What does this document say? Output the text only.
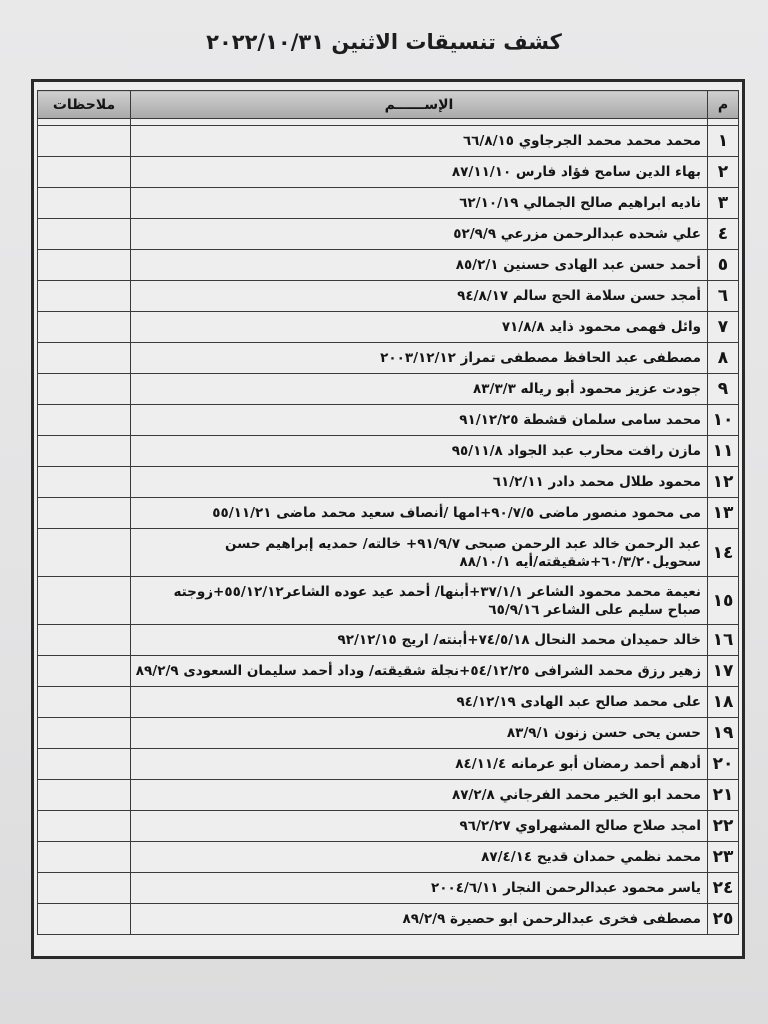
كشف تنسيقات الاثنين ٢٠٢٢/١٠/٣١
م	الإســــــم	ملاحظات

١	محمد محمد محمد الجرجاوي ٦٦/٨/١٥	

٢	بهاء الدين سامح فؤاد فارس ٨٧/١١/١٠	

٣	ناديه ابراهيم صالح الجمالي ٦٢/١٠/١٩	

٤	علي شحده عبدالرحمن مزرعي ٥٢/٩/٩	

٥	أحمد حسن عبد الهادى حسنين ٨٥/٢/١	

٦	أمجد حسن سلامة الحج سالم ٩٤/٨/١٧	

٧	وائل فهمى محمود ذايد ٧١/٨/٨	

٨	مصطفى عبد الحافظ مصطفى تمراز ٢٠٠٣/١٢/١٢	

٩	جودت عزيز محمود أبو رياله ٨٣/٣/٣	

١٠	محمد سامى سلمان قشطة ٩١/١٢/٢٥	

١١	مازن رافت محارب عبد الجواد ٩٥/١١/٨	

١٢	محمود طلال محمد دادر ٦١/٢/١١	

١٣	مى محمود منصور ماضى ٩٠/٧/٥+امها /أنصاف سعيد محمد ماضى ٥٥/١١/٢١	

١٤	عبد الرحمن خالد عبد الرحمن صبحى ٩١/٩/٧+ خالته/ حمديه إبراهيم حسن
سحويل٦٠/٣/٢٠+شقيقته/أيه ٨٨/١٠/١	

١٥	نعيمة محمد محمود الشاعر ٣٧/١/١+أبنها/ أحمد عيد عوده الشاعر٥٥/١٢/١٢+زوجته
صباح سليم على الشاعر ٦٥/٩/١٦	

١٦	خالد حميدان محمد النحال ٧٤/٥/١٨+أبنته/ اريج ٩٢/١٢/١٥	

١٧	زهير رزق محمد الشرافى ٥٤/١٢/٢٥+نجلة شقيقته/ وداد أحمد سليمان السعودى ٨٩/٢/٩	

١٨	على محمد صالح عبد الهادى ٩٤/١٢/١٩	

١٩	حسن يحى حسن زنون ٨٣/٩/١	

٢٠	أدهم أحمد رمضان أبو عرمانه ٨٤/١١/٤	

٢١	محمد ابو الخير محمد الفرجاني ٨٧/٢/٨	

٢٢	امجد صلاح صالح المشهراوي ٩٦/٢/٢٧	

٢٣	محمد نظمي حمدان قديح ٨٧/٤/١٤	

٢٤	ياسر محمود عبدالرحمن النجار ٢٠٠٤/٦/١١	

٢٥	مصطفى فخرى عبدالرحمن ابو حصيرة ٨٩/٢/٩	
